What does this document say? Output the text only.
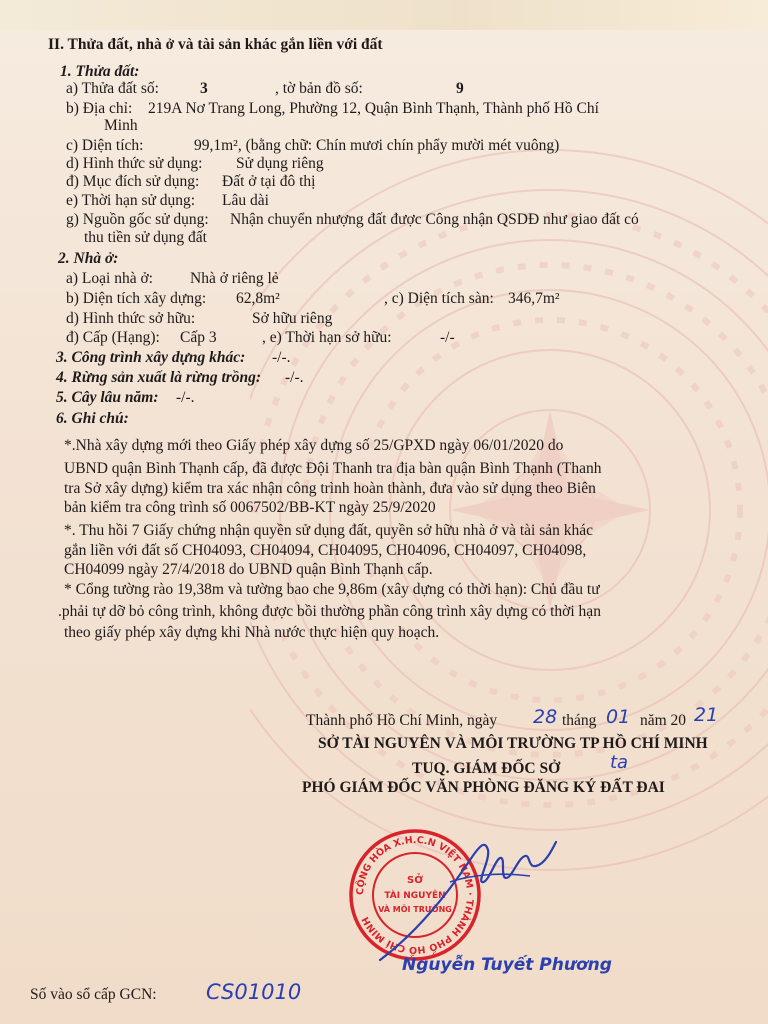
II. Thửa đất, nhà ở và tài sản khác gắn liền với đất
1. Thửa đất:
a) Thửa đất số:	3	, tờ bản đồ số:	9
b) Địa chỉ: 219A Nơ Trang Long, Phường 12, Quận Bình Thạnh, Thành phố Hồ Chí
Minh
c) Diện tích:	99,1m², (bằng chữ: Chín mươi chín phẩy mười mét vuông)
d) Hình thức sử dụng: Sử dụng riêng
đ) Mục đích sử dụng: Đất ở tại đô thị
e) Thời hạn sử dụng: Lâu dài
g) Nguồn gốc sử dụng: Nhận chuyển nhượng đất được Công nhận QSDĐ như giao đất có
thu tiền sử dụng đất
2. Nhà ở:
a) Loại nhà ở: Nhà ở riêng lẻ
b) Diện tích xây dựng: 62,8m²	, c) Diện tích sàn: 346,7m²
d) Hình thức sở hữu:	Sở hữu riêng
đ) Cấp (Hạng): Cấp 3	, e) Thời hạn sở hữu:	-/-
3. Công trình xây dựng khác: -/-.
4. Rừng sản xuất là rừng trồng: -/-.
5. Cây lâu năm: -/-.
6. Ghi chú:
*.Nhà xây dựng mới theo Giấy phép xây dựng số 25/GPXD ngày 06/01/2020 do
UBND quận Bình Thạnh cấp, đã được Đội Thanh tra địa bàn quận Bình Thạnh (Thanh
tra Sở xây dựng) kiểm tra xác nhận công trình hoàn thành, đưa vào sử dụng theo Biên
bản kiểm tra công trình số 0067502/BB-KT ngày 25/9/2020
*. Thu hồi 7 Giấy chứng nhận quyền sử dụng đất, quyền sở hữu nhà ở và tài sản khác
gắn liền với đất số CH04093, CH04094, CH04095, CH04096, CH04097, CH04098,
CH04099 ngày 27/4/2018 do UBND quận Bình Thạnh cấp.
* Cổng tường rào 19,38m và tường bao che 9,86m (xây dựng có thời hạn): Chủ đầu tư
.phải tự dỡ bỏ công trình, không được bồi thường phần công trình xây dựng có thời hạn
theo giấy phép xây dựng khi Nhà nước thực hiện quy hoạch.
Thành phố Hồ Chí Minh, ngày 28 tháng 01 năm 20 21
SỞ TÀI NGUYÊN VÀ MÔI TRƯỜNG TP HỒ CHÍ MINH
TUQ. GIÁM ĐỐC SỞ	ta
PHÓ GIÁM ĐỐC VĂN PHÒNG ĐĂNG KÝ ĐẤT ĐAI
CỘNG HÒA X.H.C.N VIỆT NAM · THÀNH PHỐ HỒ CHÍ MINH
SỞ
TÀI NGUYÊN
VÀ MÔI TRƯỜNG
Nguyễn Tuyết Phương
Số vào sổ cấp GCN: CS01010
